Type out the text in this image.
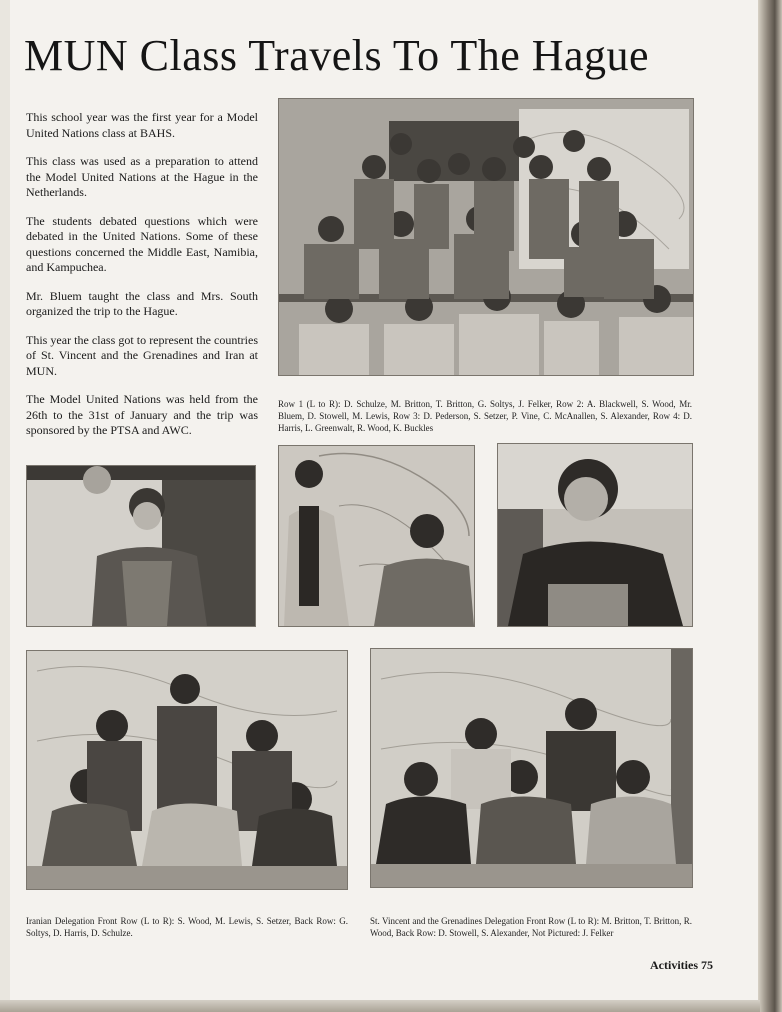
MUN Class Travels To The Hague

This school year was the first year for a Model United Nations class at BAHS.

This class was used as a preparation to attend the Model United Nations at the Hague in the Netherlands.

The students debated questions which were debated in the United Nations. Some of these questions concerned the Middle East, Namibia, and Kampuchea.

Mr. Bluem taught the class and Mrs. South organized the trip to the Hague.

This year the class got to represent the countries of St. Vincent and the Grenadines and Iran at MUN.

The Model United Nations was held from the 26th to the 31st of January and the trip was sponsored by the PTSA and AWC.

Row 1 (L to R): D. Schulze, M. Britton, T. Britton, G. Soltys, J. Felker, Row 2: A. Blackwell, S. Wood, Mr. Bluem, D. Stowell, M. Lewis, Row 3: D. Pederson, S. Setzer, P. Vine, C. McAnallen, S. Alexander, Row 4: D. Harris, L. Greenwalt, R. Wood, K. Buckles
Iranian Delegation Front Row (L to R): S. Wood, M. Lewis, S. Setzer, Back Row: G. Soltys, D. Harris, D. Schulze.
St. Vincent and the Grenadines Delegation Front Row (L to R): M. Britton, T. Britton, R. Wood, Back Row: D. Stowell, S. Alexander, Not Pictured: J. Felker
Activities 75
